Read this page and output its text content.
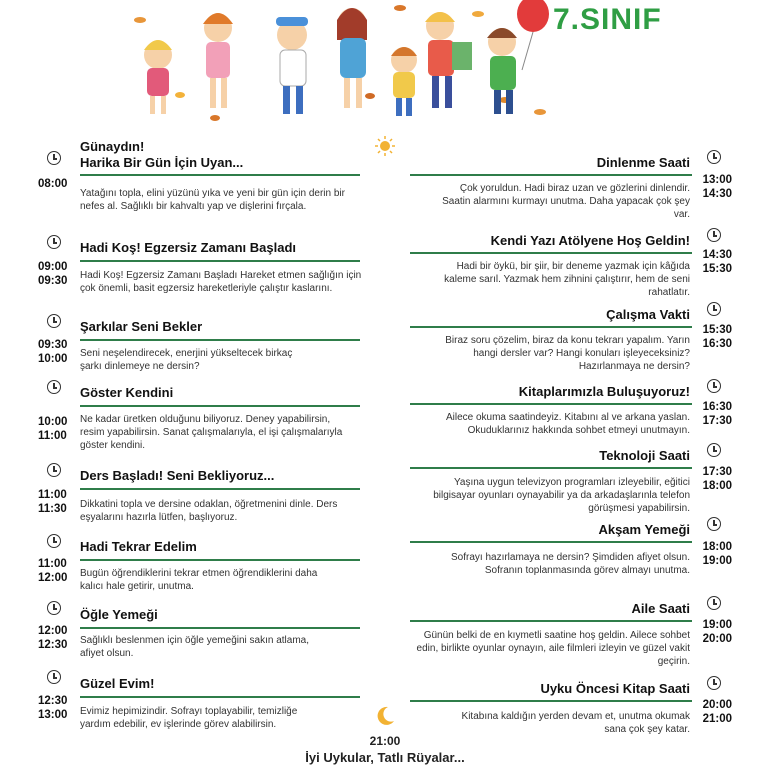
7.SINIF
Günaydın!
Harika Bir Gün İçin Uyan...
08:00
Yatağını topla, elini yüzünü yıka ve yeni bir gün için derin bir nefes al. Sağlıklı bir kahvaltı yap ve dişlerini fırçala.
Hadi Koş! Egzersiz Zamanı Başladı
09:00
09:30 Hadi Koş! Egzersiz Zamanı Başladı Hareket etmen sağlığın için çok önemli, basit egzersiz hareketleriyle çalıştır kaslarını.
Şarkılar Seni Bekler
09:30
10:00 Seni neşelendirecek, enerjini yükseltecek birkaç şarkı dinlemeye ne dersin?
Göster Kendini
10:00
11:00
Ne kadar üretken olduğunu biliyoruz. Deney yapabilirsin, resim yapabilirsin. Sanat çalışmalarıyla, el işi çalışmalarıyla göster kendini.
Ders Başladı! Seni Bekliyoruz...
11:00
11:30 Dikkatini topla ve dersine odaklan, öğretmenini dinle. Ders eşyalarını hazırla lütfen, başlıyoruz.
Hadi Tekrar Edelim
11:00
12:00 Bugün öğrendiklerini tekrar etmen öğrendiklerini daha kalıcı hale getirir, unutma.
Öğle Yemeği
12:00
12:30 Sağlıklı beslenmen için öğle yemeğini sakın atlama, afiyet olsun.
Güzel Evim!
12:30
13:00 Evimiz hepimizindir. Sofrayı toplayabilir, temizliğe yardım edebilir, ev işlerinde görev alabilirsin.
Dinlenme Saati
13:00
14:30
Çok yoruldun. Hadi biraz uzan ve gözlerini dinlendir. Saatin alarmını kurmayı unutma. Daha yapacak çok şey var.
Kendi Yazı Atölyene Hoş Geldin!
14:30
15:30
Hadi bir öykü, bir şiir, bir deneme yazmak için kâğıda kaleme sarıl. Yazmak hem zihnini çalıştırır, hem de seni rahatlatır.
Çalışma Vakti
15:30
16:30
Biraz soru çözelim, biraz da konu tekrarı yapalım. Yarın hangi dersler var? Hangi konuları işleyeceksiniz? Hazırlanmaya ne dersin?
Kitaplarımızla Buluşuyoruz!
16:30
17:30
Ailece okuma saatindeyiz. Kitabını al ve arkana yaslan. Okuduklarınız hakkında sohbet etmeyi unutmayın.
Teknoloji Saati
17:30
18:00
Yaşına uygun televizyon programları izleyebilir, eğitici bilgisayar oyunları oynayabilir ya da arkadaşlarınla telefon görüşmesi yapabilirsin.
Akşam Yemeği
18:00
19:00
Sofrayı hazırlamaya ne dersin? Şimdiden afiyet olsun. Sofranın toplanmasında görev almayı unutma.
Aile Saati
19:00
20:00
Günün belki de en kıymetli saatine hoş geldin. Ailece sohbet edin, birlikte oyunlar oynayın, aile filmleri izleyin ve güzel vakit geçirin.
Uyku Öncesi Kitap Saati
20:00
21:00
Kitabına kaldığın yerden devam et, unutma okumak sana çok şey katar.
21:00
İyi Uykular, Tatlı Rüyalar...
